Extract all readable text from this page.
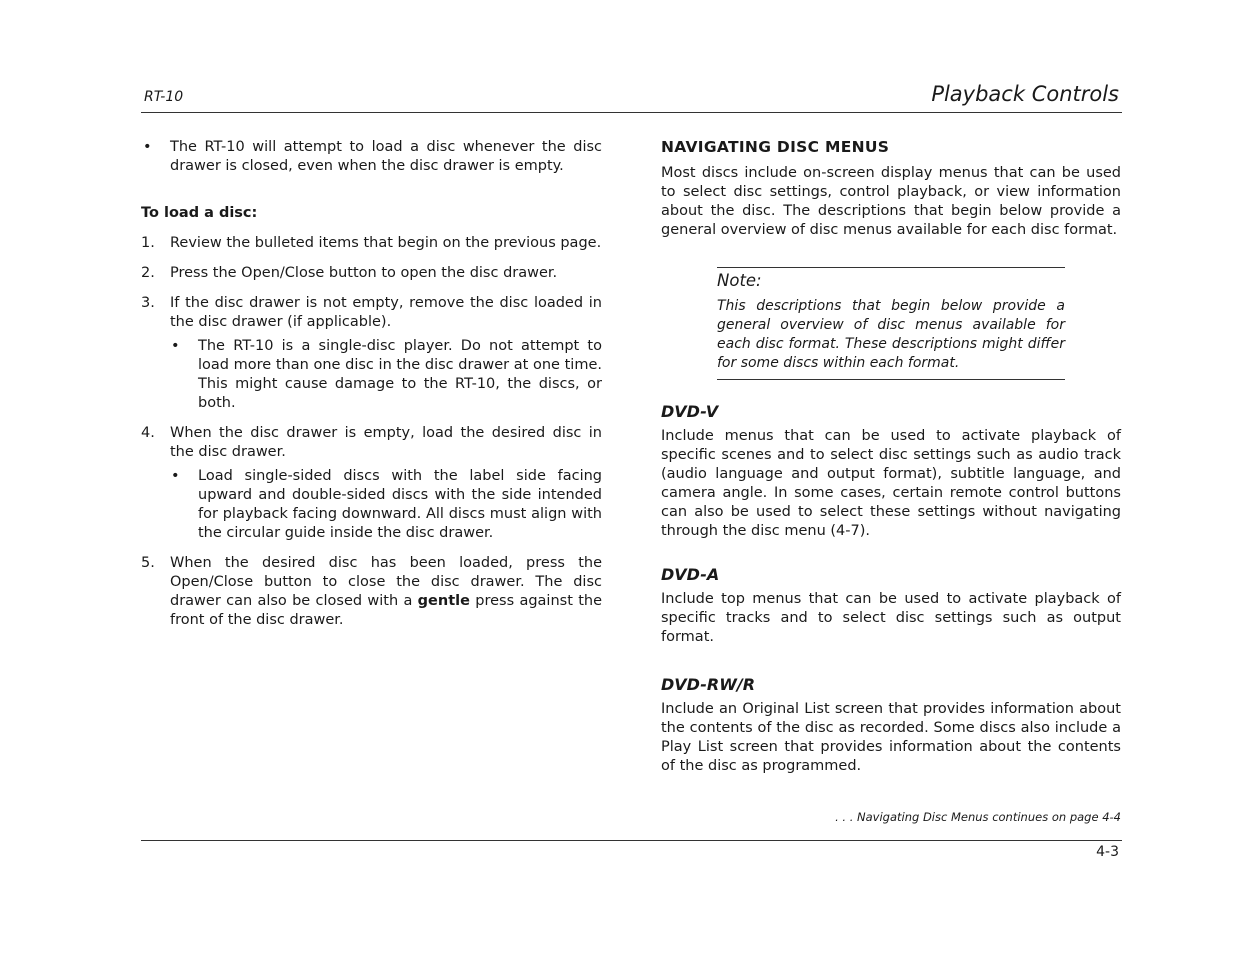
RT-10	Playback Controls

• The RT-10 will attempt to load a disc whenever the disc drawer is closed, even when the disc drawer is empty.

To load a disc:

1. Review the bulleted items that begin on the previous page.

2. Press the Open/Close button to open the disc drawer.

3. If the disc drawer is not empty, remove the disc loaded in the disc drawer (if applicable).

• The RT-10 is a single-disc player. Do not attempt to load more than one disc in the disc drawer at one time. This might cause damage to the RT-10, the discs, or both.

4. When the disc drawer is empty, load the desired disc in the disc drawer.

• Load single-sided discs with the label side facing upward and double-sided discs with the side intended for playback facing downward. All discs must align with the circular guide inside the disc drawer.

5. When the desired disc has been loaded, press the Open/Close button to close the disc drawer. The disc drawer can also be closed with a gentle press against the front of the disc drawer.

NAVIGATING DISC MENUS

Most discs include on-screen display menus that can be used to select disc settings, control playback, or view information about the disc. The descriptions that begin below provide a general overview of disc menus available for each disc format.

Note:

This descriptions that begin below provide a general overview of disc menus available for each disc format. These descriptions might differ for some discs within each format.

DVD-V

Include menus that can be used to activate playback of specific scenes and to select disc settings such as audio track (audio language and output format), subtitle language, and camera angle. In some cases, certain remote control buttons can also be used to select these settings without navigating through the disc menu (4-7).

DVD-A

Include top menus that can be used to activate playback of specific tracks and to select disc settings such as output format.

DVD-RW/R

Include an Original List screen that provides information about the contents of the disc as recorded. Some discs also include a Play List screen that provides information about the contents of the disc as programmed.

. . . Navigating Disc Menus continues on page 4-4
4-3
